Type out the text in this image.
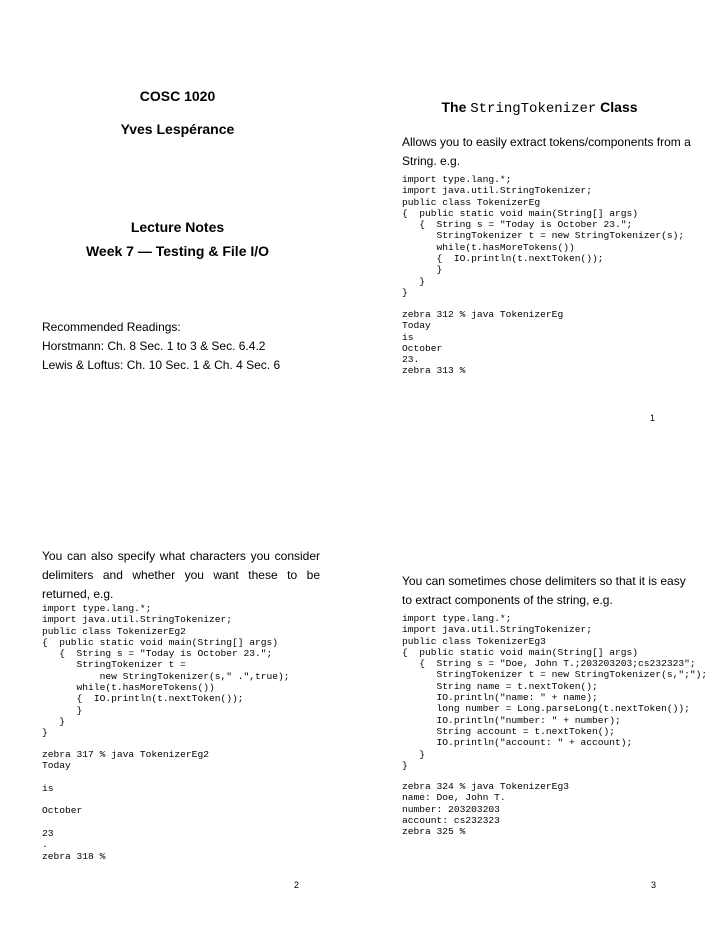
COSC 1020
Yves Lespérance
Lecture Notes
Week 7 — Testing & File I/O
Recommended Readings:
Horstmann: Ch. 8 Sec. 1 to 3 & Sec. 6.4.2
Lewis & Loftus: Ch. 10 Sec. 1 & Ch. 4 Sec. 6
The StringTokenizer Class
Allows you to easily extract tokens/components from a String. e.g.
import type.lang.*;
import java.util.StringTokenizer;
public class TokenizerEg
{  public static void main(String[] args)
{  String s = "Today is October 23.";
StringTokenizer t = new StringTokenizer(s);
while(t.hasMoreTokens())
{  IO.println(t.nextToken());
}
}
}
zebra 312 % java TokenizerEg
Today
is
October
23.
zebra 313 %
1
You can also specify what characters you consider delimiters and whether you want these to be returned, e.g.
import type.lang.*;
import java.util.StringTokenizer;
public class TokenizerEg2
{  public static void main(String[] args)
{  String s = "Today is October 23.";
StringTokenizer t =
new StringTokenizer(s," .",true);
while(t.hasMoreTokens())
{  IO.println(t.nextToken());
}
}
}
zebra 317 % java TokenizerEg2
Today

is

October

23
.
zebra 318 %
2
You can sometimes chose delimiters so that it is easy to extract components of the string, e.g.
import type.lang.*;
import java.util.StringTokenizer;
public class TokenizerEg3
{  public static void main(String[] args)
{  String s = "Doe, John T.;203203203;cs232323";
StringTokenizer t = new StringTokenizer(s,";");
String name = t.nextToken();
IO.println("name: " + name);
long number = Long.parseLong(t.nextToken());
IO.println("number: " + number);
String account = t.nextToken();
IO.println("account: " + account);
}
}
zebra 324 % java TokenizerEg3
name: Doe, John T.
number: 203203203
account: cs232323
zebra 325 %
3
